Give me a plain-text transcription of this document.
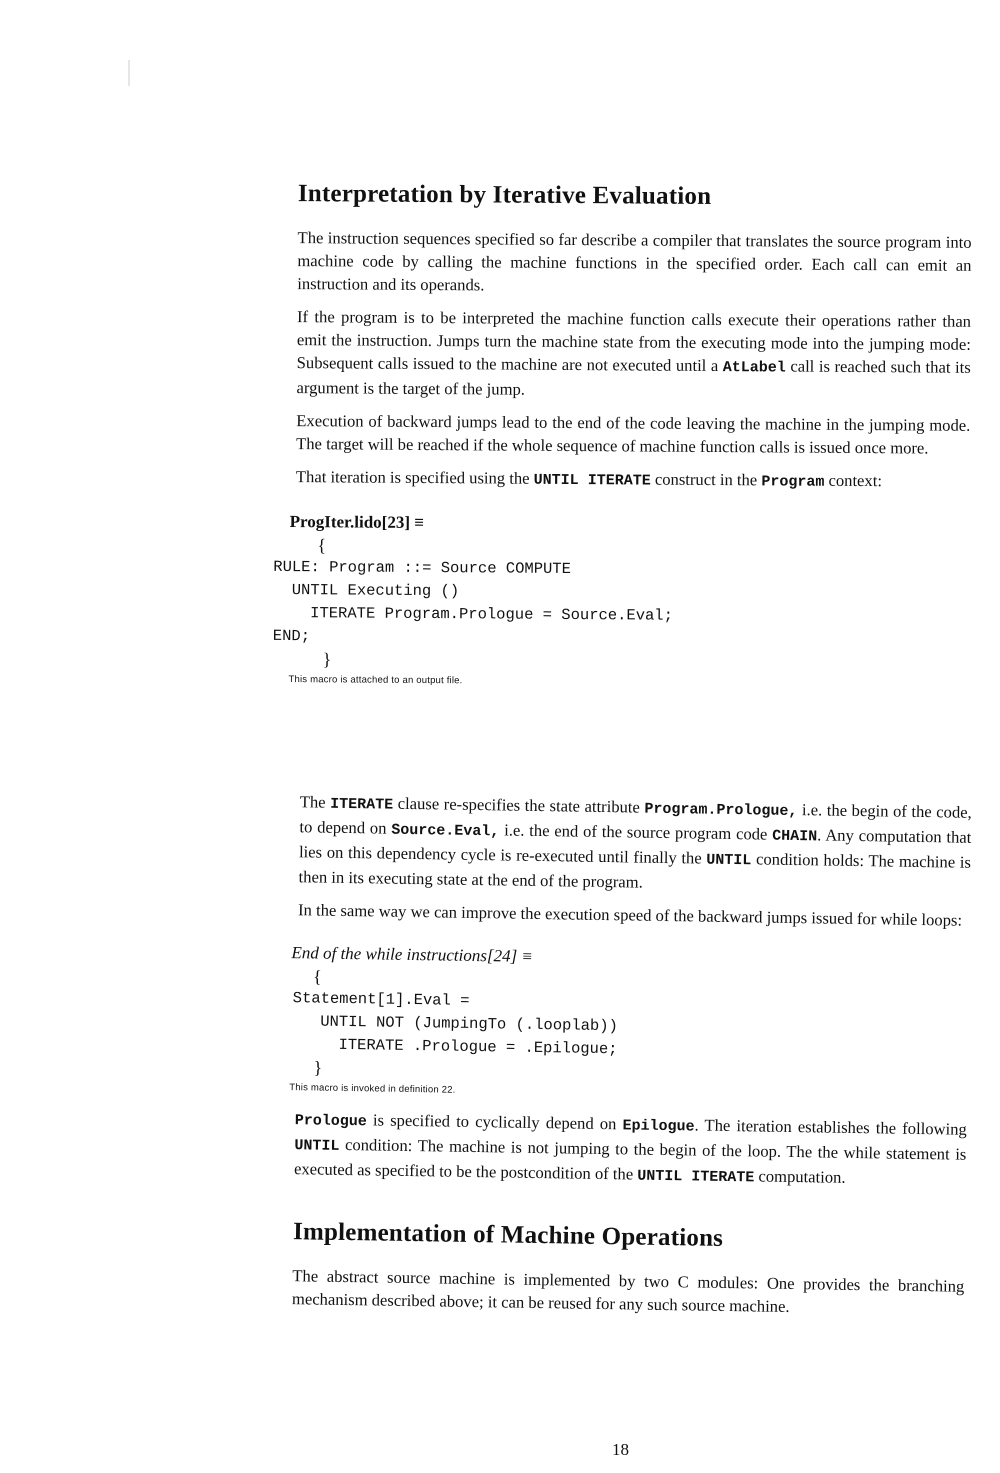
Interpretation by Iterative Evaluation

The instruction sequences specified so far describe a compiler that translates the source program into machine code by calling the machine functions in the specified order. Each call can emit an instruction and its operands.

If the program is to be interpreted the machine function calls execute their operations rather than emit the instruction. Jumps turn the machine state from the executing mode into the jumping mode: Subsequent calls issued to the machine are not executed until a AtLabel call is reached such that its argument is the target of the jump.

Execution of backward jumps lead to the end of the code leaving the machine in the jumping mode. The target will be reached if the whole sequence of machine function calls is issued once more.

That iteration is specified using the UNTIL ITERATE construct in the Program context:

ProgIter.lido[23] ≡
{
RULE: Program ::= Source COMPUTE
UNTIL Executing ()
ITERATE Program.Prologue = Source.Eval;
END;
}
This macro is attached to an output file.

The ITERATE clause re-specifies the state attribute Program.Prologue, i.e. the begin of the code, to depend on Source.Eval, i.e. the end of the source program code CHAIN. Any computation that lies on this dependency cycle is re-executed until finally the UNTIL condition holds: The machine is then in its executing state at the end of the program.

In the same way we can improve the execution speed of the backward jumps issued for while loops:

End of the while instructions[24] ≡
{
Statement[1].Eval =
UNTIL NOT (JumpingTo (.looplab))
ITERATE .Prologue = .Epilogue;
}
This macro is invoked in definition 22.

Prologue is specified to cyclically depend on Epilogue. The iteration establishes the following UNTIL condition: The machine is not jumping to the begin of the loop. The the while statement is executed as specified to be the postcondition of the UNTIL ITERATE computation.

Implementation of Machine Operations

The abstract source machine is implemented by two C modules: One provides the branching mechanism described above; it can be reused for any such source machine.

18
